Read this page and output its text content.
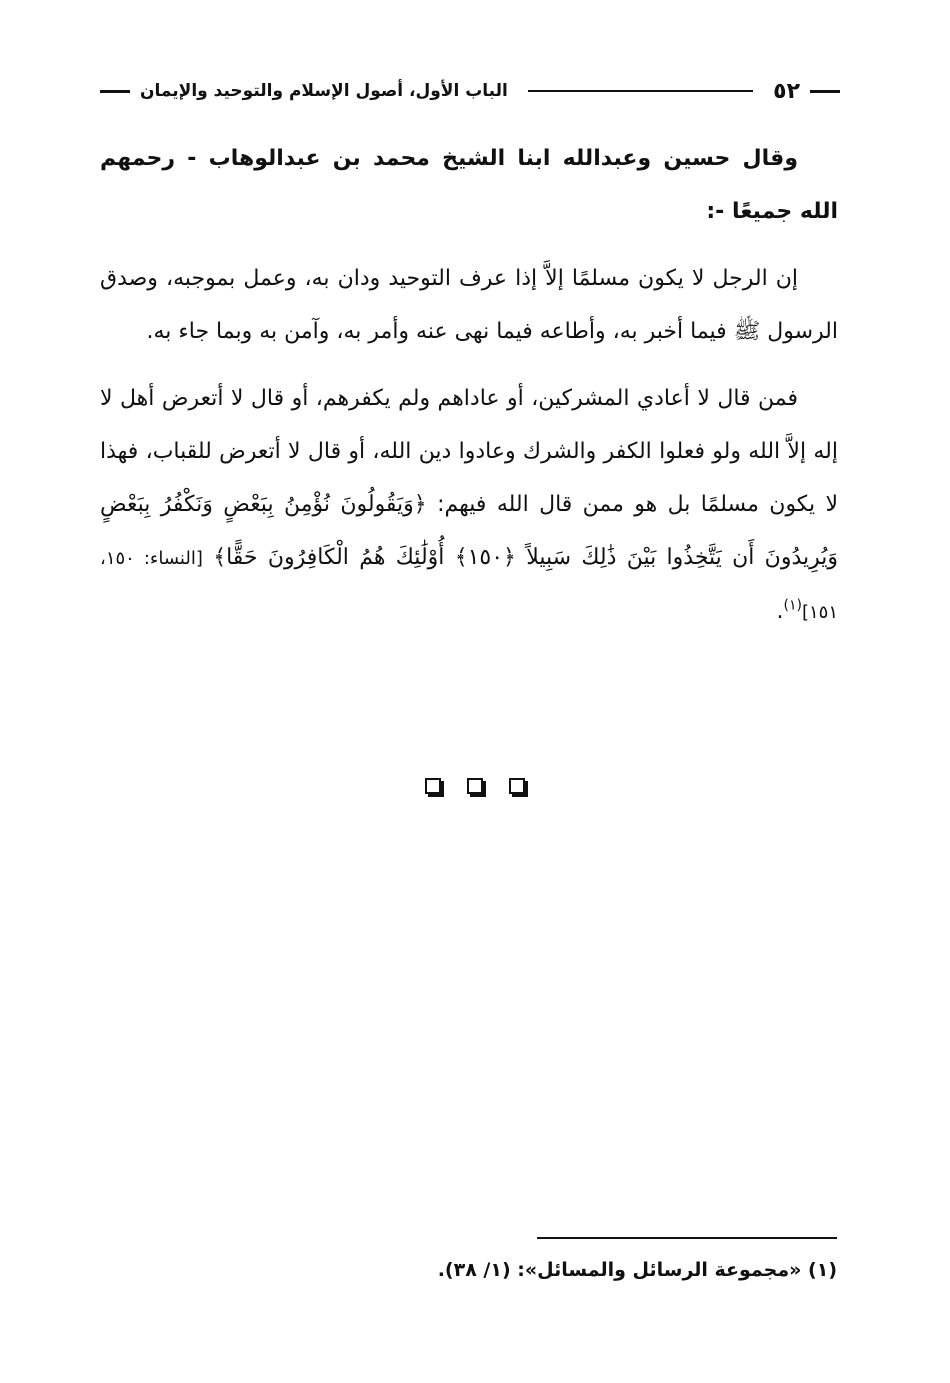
٥٢
الباب الأول، أصول الإسلام والتوحيد والإيمان

وقال حسين وعبدالله ابنا الشيخ محمد بن عبدالوهاب - رحمهم الله جميعًا -:

إن الرجل لا يكون مسلمًا إلاَّ إذا عرف التوحيد ودان به، وعمل بموجبه، وصدق الرسول ﷺ فيما أخبر به، وأطاعه فيما نهى عنه وأمر به، وآمن به وبما جاء به.

فمن قال لا أعادي المشركين، أو عاداهم ولم يكفرهم، أو قال لا أتعرض أهل لا إله إلاَّ الله ولو فعلوا الكفر والشرك وعادوا دين الله، أو قال لا أتعرض للقباب، فهذا لا يكون مسلمًا بل هو ممن قال الله فيهم: ﴿وَيَقُولُونَ نُؤْمِنُ بِبَعْضٍ وَنَكْفُرُ بِبَعْضٍ وَيُرِيدُونَ أَن يَتَّخِذُوا بَيْنَ ذَٰلِكَ سَبِيلاً ﴿١٥٠﴾ أُوْلَٰئِكَ هُمُ الْكَافِرُونَ حَقًّا﴾ [النساء: ١٥٠، ١٥١]$^{(١)}$.

(١) «مجموعة الرسائل والمسائل»: (١/ ٣٨).
